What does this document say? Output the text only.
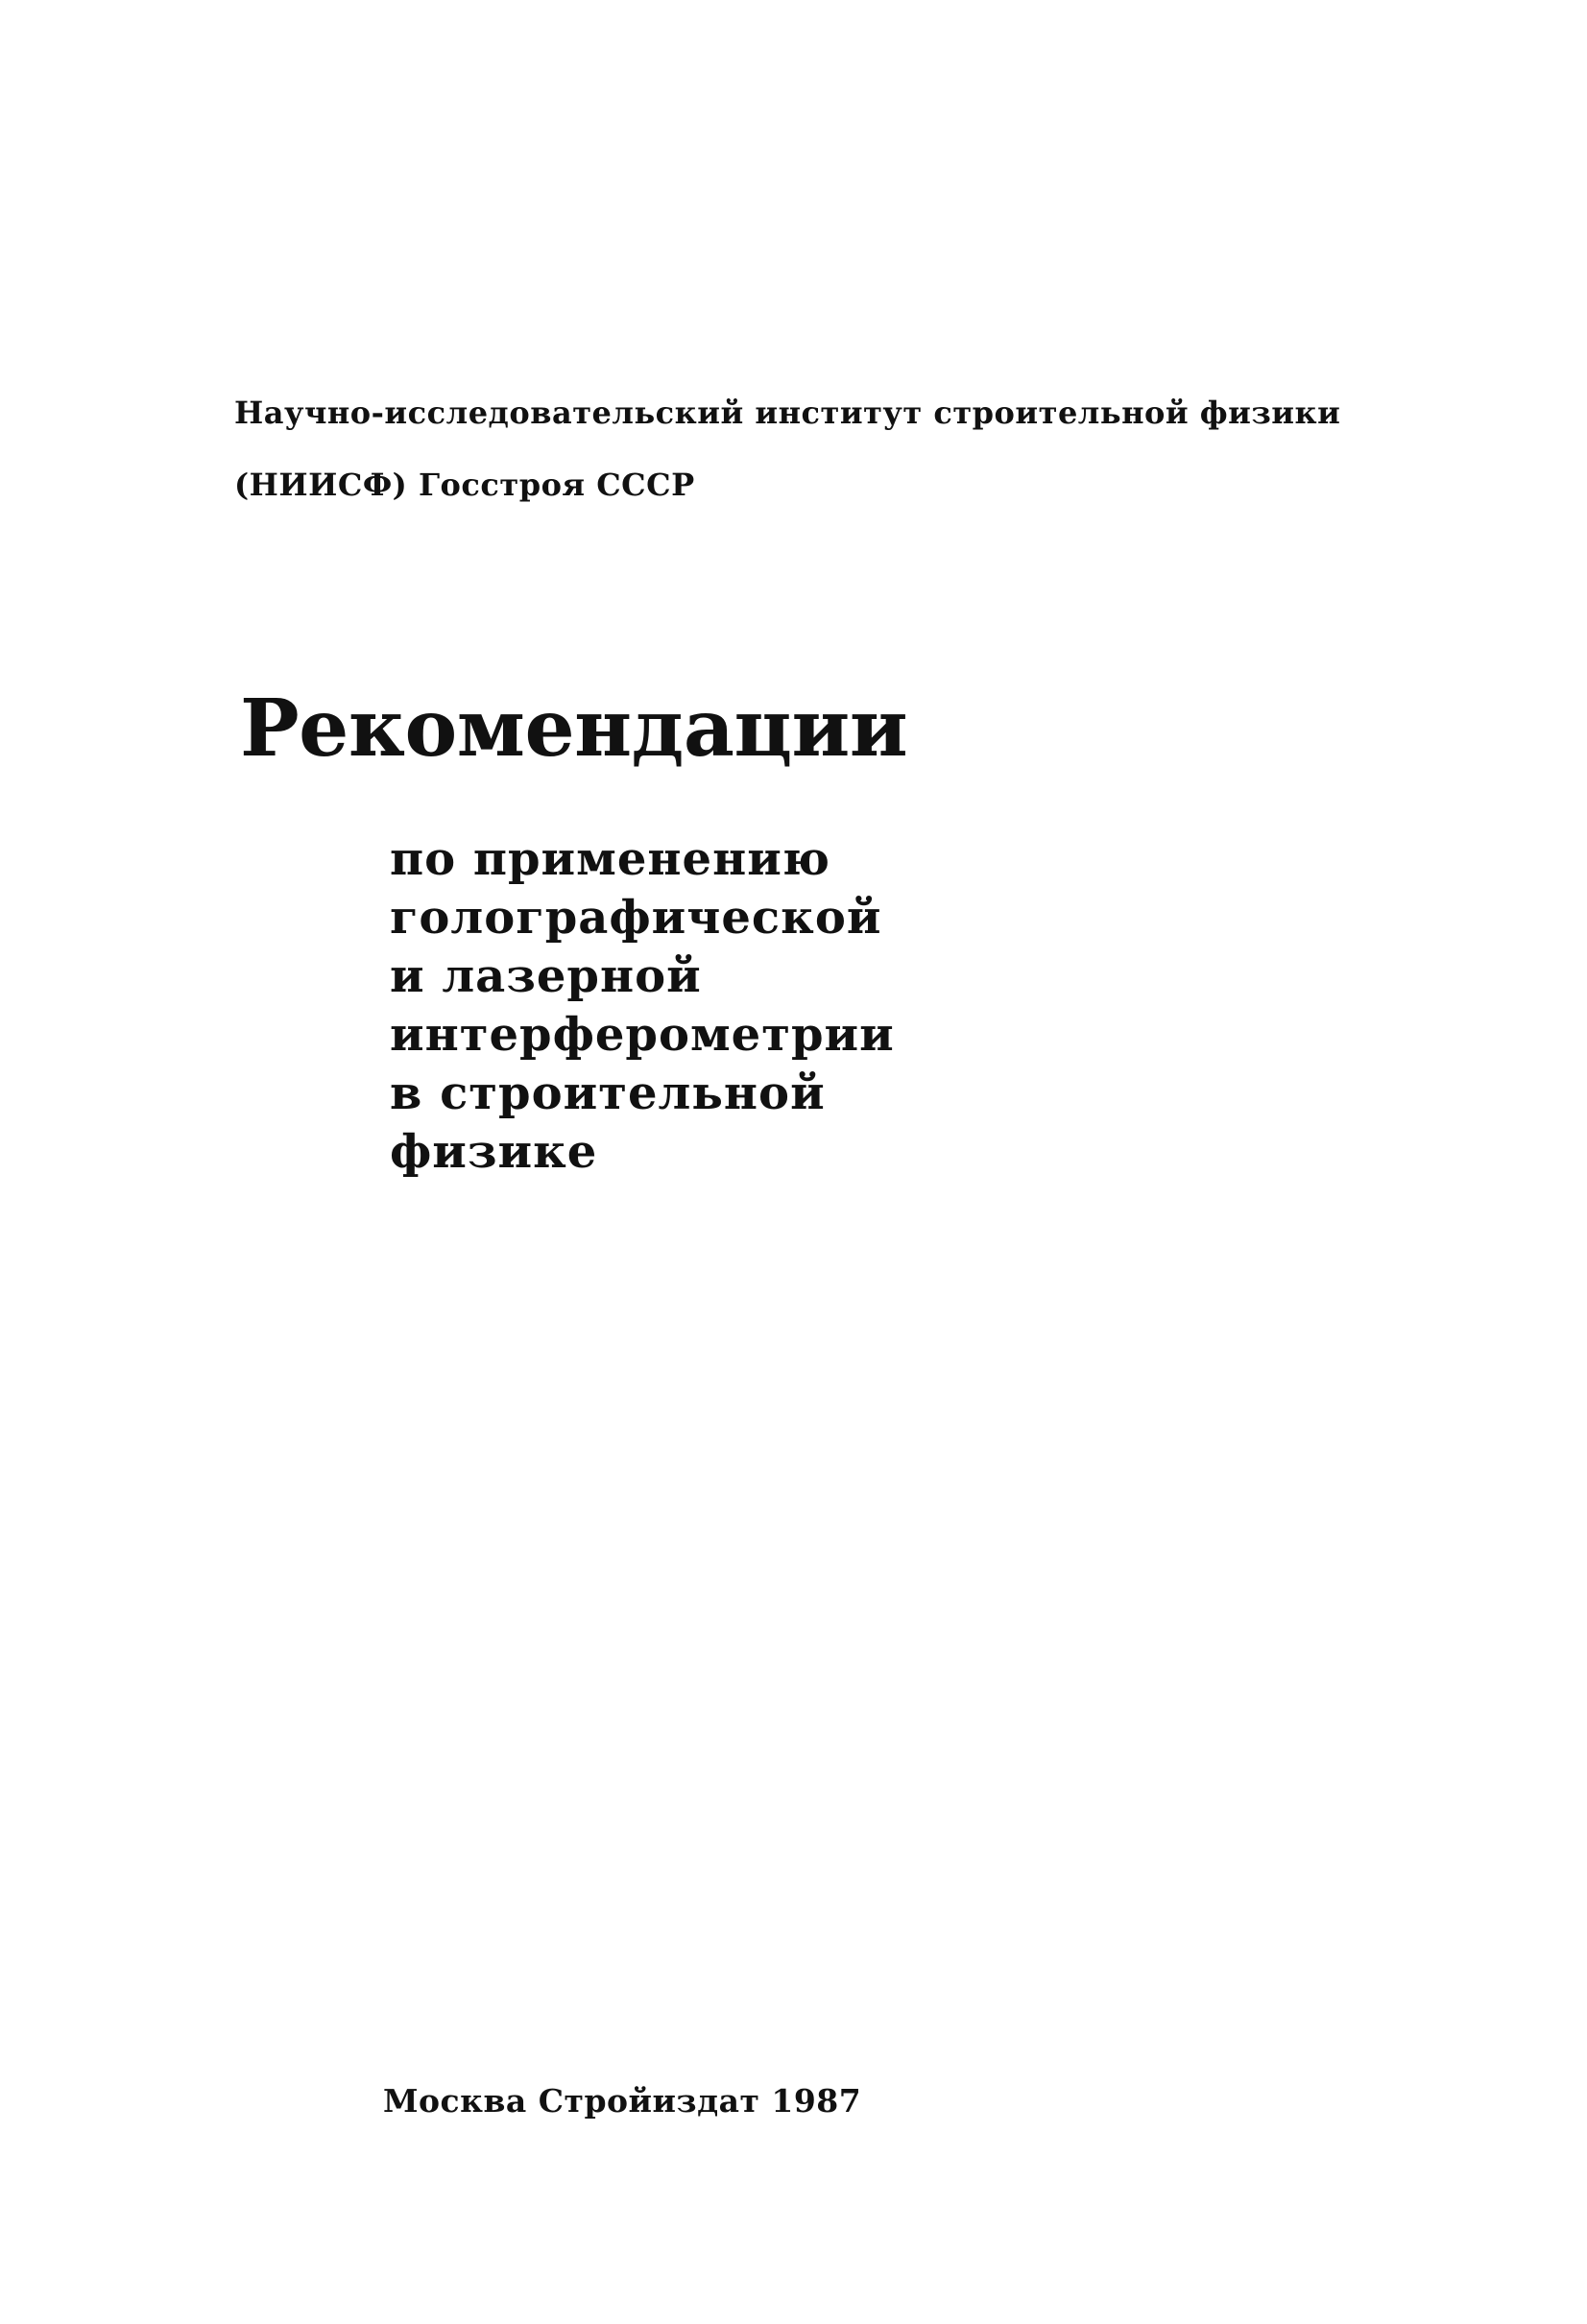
Научно-исследовательский институт строительной физики
(НИИСФ) Госстроя СССР
Рекомендации
по применению
голографической
и лазерной
интерферометрии
в строительной
физике
Москва Стройиздат 1987
